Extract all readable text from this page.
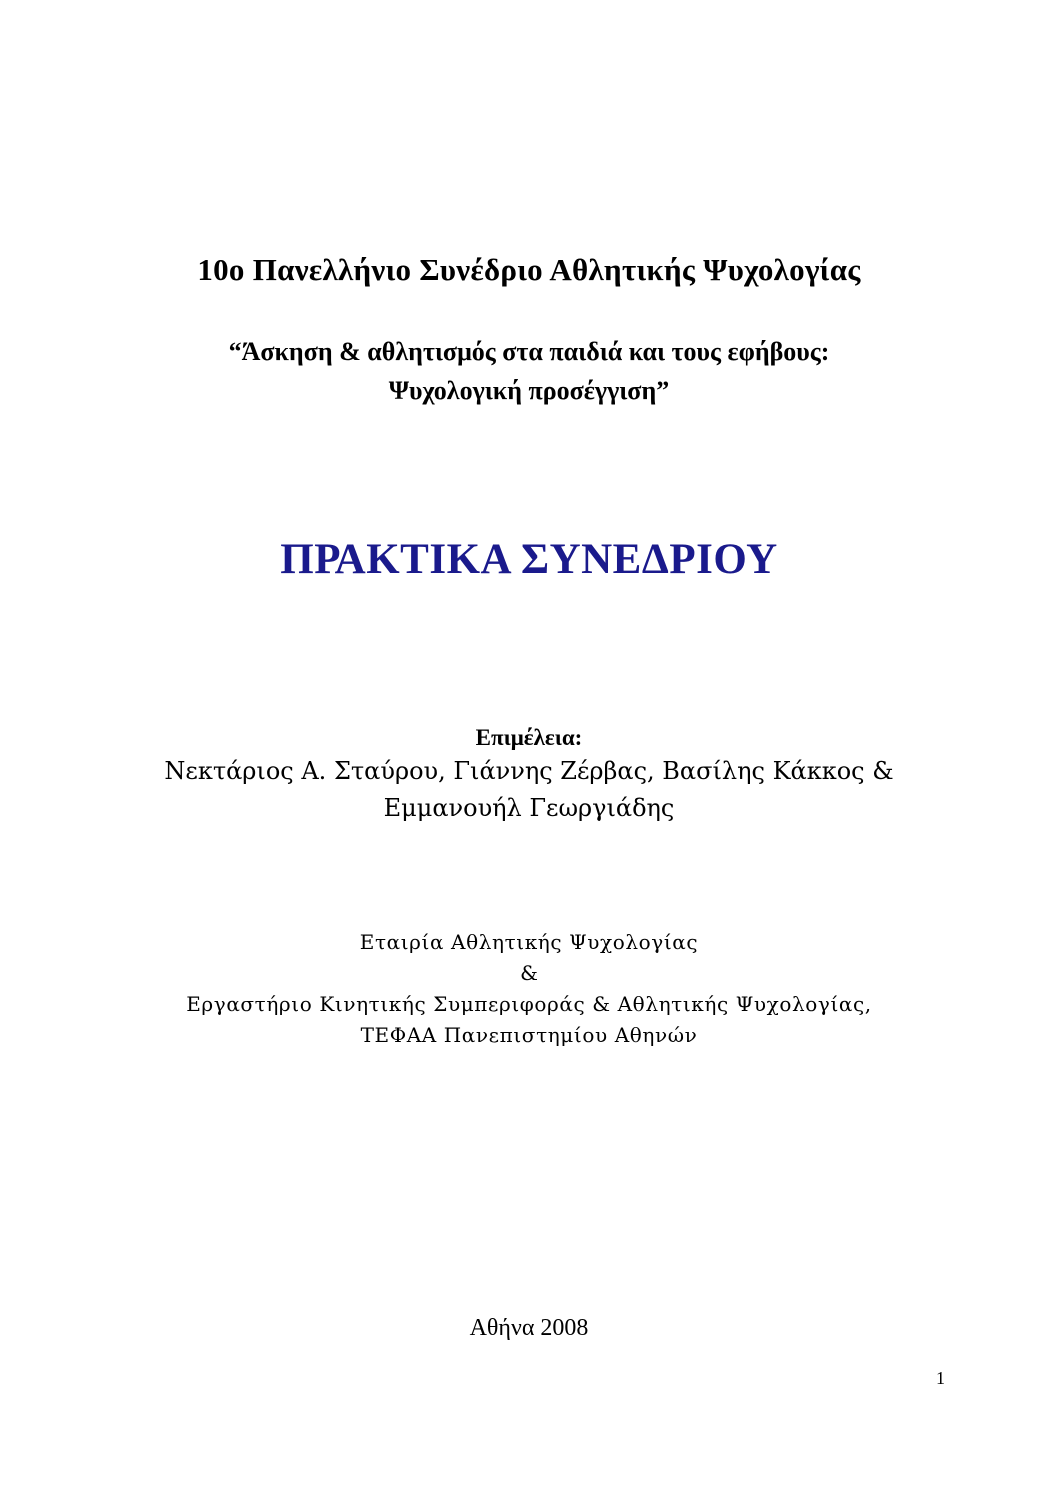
10ο Πανελλήνιο Συνέδριο Αθλητικής Ψυχολογίας
“Άσκηση & αθλητισμός στα παιδιά και τους εφήβους:
Ψυχολογική προσέγγιση”
ΠΡΑΚΤΙΚΑ ΣΥΝΕΔΡΙΟΥ
Επιμέλεια:
Νεκτάριος Α. Σταύρου, Γιάννης Ζέρβας, Βασίλης Κάκκος &
Εμμανουήλ Γεωργιάδης
Εταιρία Αθλητικής Ψυχολογίας
&
Εργαστήριο Κινητικής Συμπεριφοράς & Αθλητικής Ψυχολογίας,
ΤΕΦΑΑ Πανεπιστημίου Αθηνών
Αθήνα 2008
1
